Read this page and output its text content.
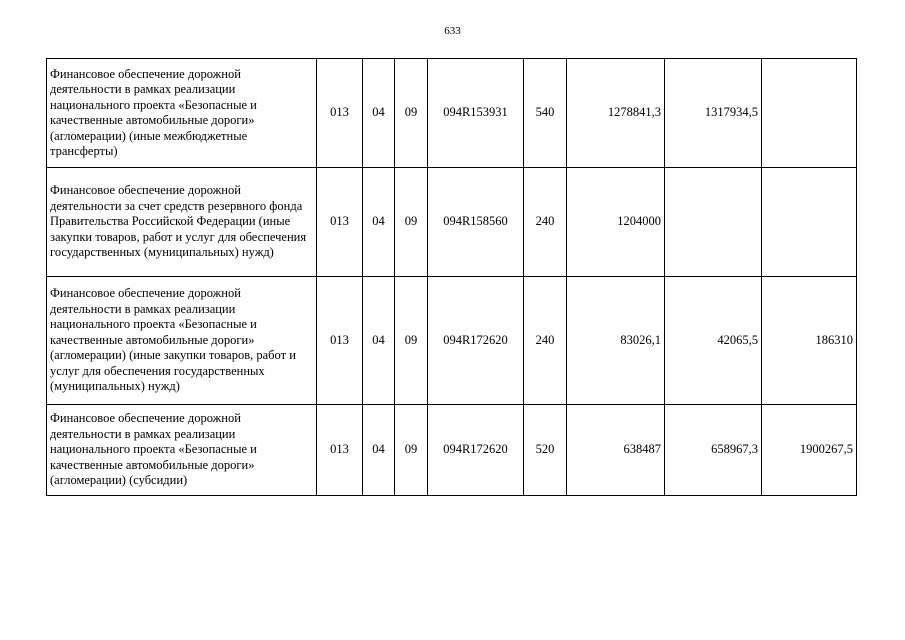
633
Финансовое обеспечение дорожной деятельности в рамках реализации национального проекта «Безопасные и качественные автомобильные дороги» (агломерации) (иные межбюджетные трансферты)	013	04	09	094R153931	540	1278841,3	1317934,5	
Финансовое обеспечение дорожной деятельности за счет средств резервного фонда Правительства Российской Федерации (иные закупки товаров, работ и услуг для обеспечения государственных (муниципальных) нужд)	013	04	09	094R158560	240	1204000		
Финансовое обеспечение дорожной деятельности в рамках реализации национального проекта «Безопасные и качественные автомобильные дороги» (агломерации) (иные закупки товаров, работ и услуг для обеспечения государственных (муниципальных) нужд)	013	04	09	094R172620	240	83026,1	42065,5	186310
Финансовое обеспечение дорожной деятельности в рамках реализации национального проекта «Безопасные и качественные автомобильные дороги» (агломерации) (субсидии)	013	04	09	094R172620	520	638487	658967,3	1900267,5
